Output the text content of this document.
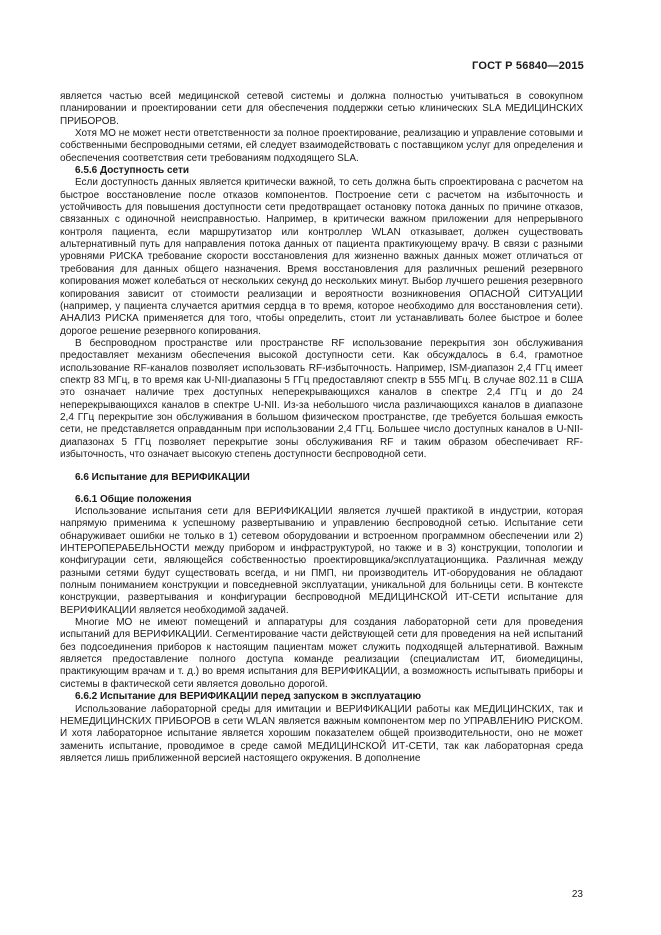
ГОСТ Р 56840—2015

является частью всей медицинской сетевой системы и должна полностью учитываться в совокупном планировании и проектировании сети для обеспечения поддержки сетью клинических SLA МЕДИЦИНСКИХ ПРИБОРОВ.

Хотя МО не может нести ответственности за полное проектирование, реализацию и управление сотовыми и собственными беспроводными сетями, ей следует взаимодействовать с поставщиком услуг для определения и обеспечения соответствия сети требованиям подходящего SLA.

6.5.6 Доступность сети

Если доступность данных является критически важной, то сеть должна быть спроектирована с расчетом на быстрое восстановление после отказов компонентов. Построение сети с расчетом на избыточность и устойчивость для повышения доступности сети предотвращает остановку потока данных по причине отказов, связанных с одиночной неисправностью. Например, в критически важном приложении для непрерывного контроля пациента, если маршрутизатор или контроллер WLAN отказывает, должен существовать альтернативный путь для направления потока данных от пациента практикующему врачу. В связи с разными уровнями РИСКА требование скорости восстановления для жизненно важных данных может отличаться от требования для данных общего назначения. Время восстановления для различных решений резервного копирования может колебаться от нескольких секунд до нескольких минут. Выбор лучшего решения резервного копирования зависит от стоимости реализации и вероятности возникновения ОПАСНОЙ СИТУАЦИИ (например, у пациента случается аритмия сердца в то время, которое необходимо для восстановления сети). АНАЛИЗ РИСКА применяется для того, чтобы определить, стоит ли устанавливать более быстрое и более дорогое решение резервного копирования.

В беспроводном пространстве или пространстве RF использование перекрытия зон обслуживания предоставляет механизм обеспечения высокой доступности сети. Как обсуждалось в 6.4, грамотное использование RF-каналов позволяет использовать RF-избыточность. Например, ISM-диапазон 2,4 ГГц имеет спектр 83 МГц, в то время как U-NII-диапазоны 5 ГГц предоставляют спектр в 555 МГц. В случае 802.11 в США это означает наличие трех доступных неперекрывающихся каналов в спектре 2,4 ГГц и до 24 неперекрывающихся каналов в спектре U-NII. Из-за небольшого числа различающихся каналов в диапазоне 2,4 ГГц перекрытие зон обслуживания в большом физическом пространстве, где требуется большая емкость сети, не представляется оправданным при использовании 2,4 ГГц. Большее число доступных каналов в U-NII-диапазонах 5 ГГц позволяет перекрытие зоны обслуживания RF и таким образом обеспечивает RF-избыточность, что означает высокую степень доступности беспроводной сети.

6.6 Испытание для ВЕРИФИКАЦИИ
6.6.1 Общие положения

Использование испытания сети для ВЕРИФИКАЦИИ является лучшей практикой в индустрии, которая напрямую применима к успешному развертыванию и управлению беспроводной сетью. Испытание сети обнаруживает ошибки не только в 1) сетевом оборудовании и встроенном программном обеспечении или 2) ИНТЕРОПЕРАБЕЛЬНОСТИ между прибором и инфраструктурой, но также и в 3) конструкции, топологии и конфигурации сети, являющейся собственностью проектировщика/эксплуатационщика. Различная между разными сетями будут существовать всегда, и ни ПМП, ни производитель ИТ-оборудования не обладают полным пониманием конструкции и повседневной эксплуатации, уникальной для больницы сети. В контексте конструкции, развертывания и конфигурации беспроводной МЕДИЦИНСКОЙ ИТ-СЕТИ испытание для ВЕРИФИКАЦИИ является необходимой задачей.

Многие МО не имеют помещений и аппаратуры для создания лабораторной сети для проведения испытаний для ВЕРИФИКАЦИИ. Сегментирование части действующей сети для проведения на ней испытаний без подсоединения приборов к настоящим пациентам может служить подходящей альтернативой. Важным является предоставление полного доступа команде реализации (специалистам ИТ, биомедицины, практикующим врачам и т. д.) во время испытания для ВЕРИФИКАЦИИ, а возможность испытывать приборы и системы в фактической сети является довольно дорогой.

6.6.2 Испытание для ВЕРИФИКАЦИИ перед запуском в эксплуатацию

Использование лабораторной среды для имитации и ВЕРИФИКАЦИИ работы как МЕДИЦИНСКИХ, так и НЕМЕДИЦИНСКИХ ПРИБОРОВ в сети WLAN является важным компонентом мер по УПРАВЛЕНИЮ РИСКОМ. И хотя лабораторное испытание является хорошим показателем общей производительности, оно не может заменить испытание, проводимое в среде самой МЕДИЦИНСКОЙ ИТ-СЕТИ, так как лабораторная среда является лишь приближенной версией настоящего окружения. В дополнение

23
